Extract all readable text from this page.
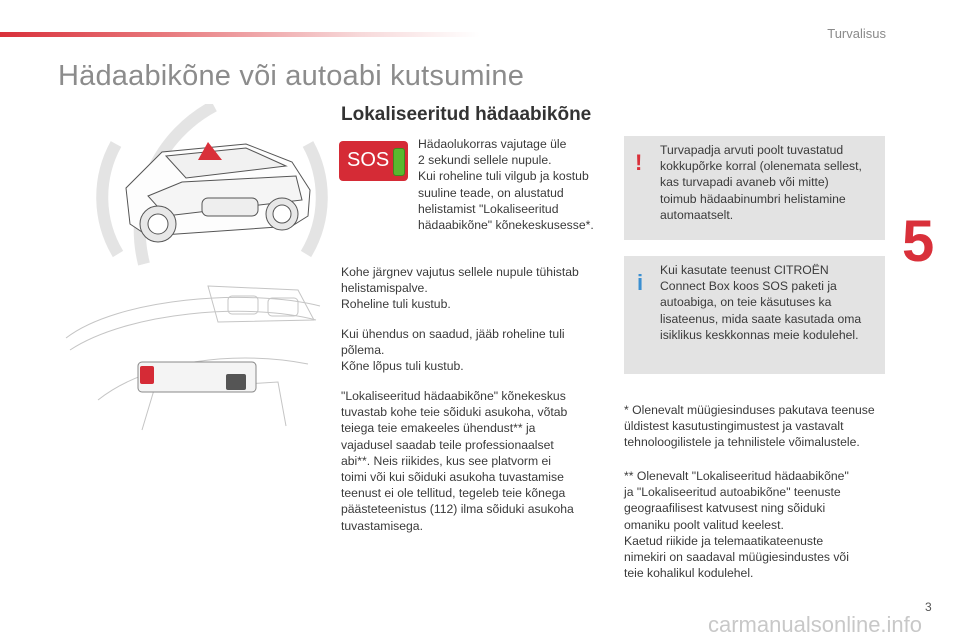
Turvalisus
5
Hädaabikõne või autoabi kutsumine
Lokaliseeritud hädaabikõne
SOS
Hädaolukorras vajutage üle
2 sekundi sellele nupule.
Kui roheline tuli vilgub ja kostub
suuline teade, on alustatud
helistamist "Lokaliseeritud
hädaabikõne" kõnekeskusesse*.
Kohe järgnev vajutus sellele nupule tühistab
helistamispalve.
Roheline tuli kustub.
Kui ühendus on saadud, jääb roheline tuli
põlema.
Kõne lõpus tuli kustub.
"Lokaliseeritud hädaabikõne" kõnekeskus
tuvastab kohe teie sõiduki asukoha, võtab
teiega teie emakeeles ühendust** ja
vajadusel saadab teile professionaalset
abi**. Neis riikides, kus see platvorm ei
toimi või kui sõiduki asukoha tuvastamise
teenust ei ole tellitud, tegeleb teie kõnega
päästeteenistus (112) ilma sõiduki asukoha
tuvastamisega.
! Turvapadja arvuti poolt tuvastatud
kokkupõrke korral (olenemata sellest,
kas turvapadi avaneb või mitte)
toimub hädaabinumbri helistamine
automaatselt.
i Kui kasutate teenust CITROËN
Connect Box koos SOS paketi ja
autoabiga, on teie käsutuses ka
lisateenus, mida saate kasutada oma
isiklikus keskkonnas meie kodulehel.
* Olenevalt müügiesinduses pakutava teenuse
üldistest kasutustingimustest ja vastavalt
tehnoloogilistele ja tehnilistele võimalustele.
** Olenevalt "Lokaliseeritud hädaabikõne"
ja "Lokaliseeritud autoabikõne" teenuste
geograafilisest katvusest ning sõiduki
omaniku poolt valitud keelest.
Kaetud riikide ja telemaatikateenuste
nimekiri on saadaval müügiesindustes või
teie kohalikul kodulehel.
3
carmanualsonline.info
